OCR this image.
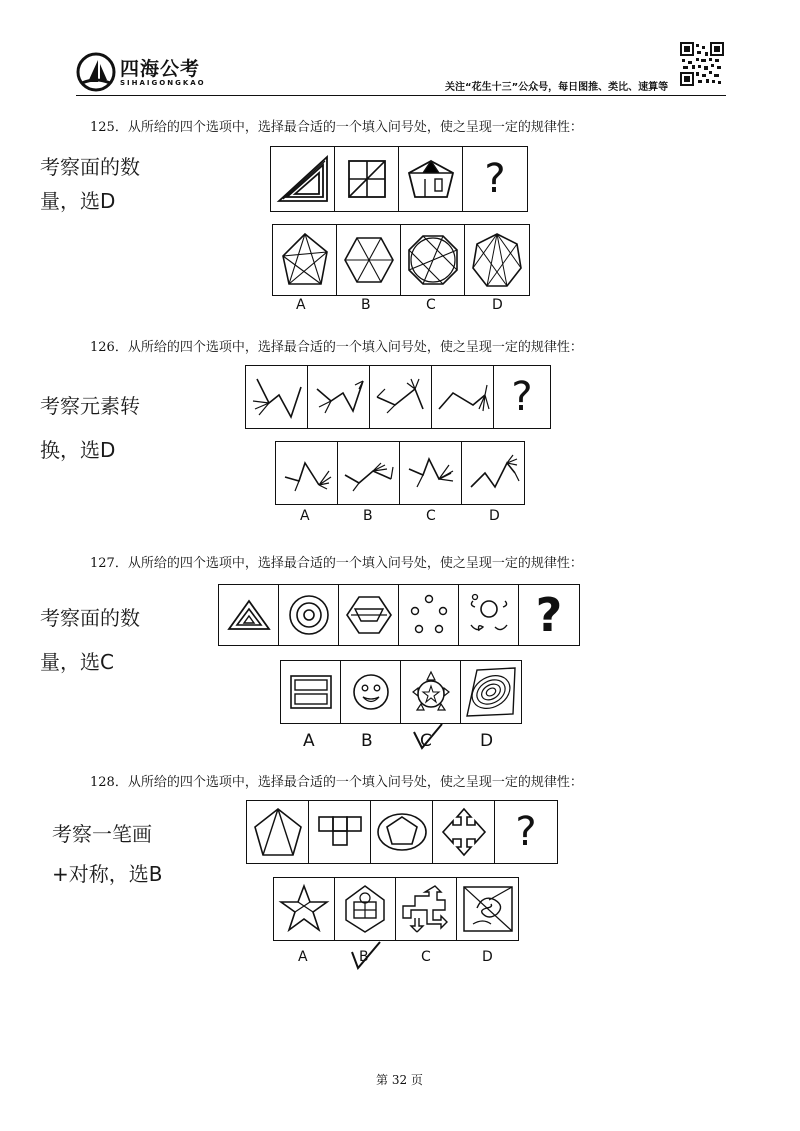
四海公考
SIHAIGONGKAO	关注“花生十三”公众号，每日图推、类比、速算等
125．从所给的四个选项中，选择最合适的一个填入问号处，使之呈现一定的规律性：
考察面的数
量，选D	?
A	B	C	D
126．从所给的四个选项中，选择最合适的一个填入问号处，使之呈现一定的规律性：
考察元素转
换，选D
?
A	B	C	D
127．从所给的四个选项中，选择最合适的一个填入问号处，使之呈现一定的规律性：
考察面的数
量，选C
?
A	B	C	D
128．从所给的四个选项中，选择最合适的一个填入问号处，使之呈现一定的规律性：
考察一笔画
+对称，选B
?
A	B	C	D
第 32 页
